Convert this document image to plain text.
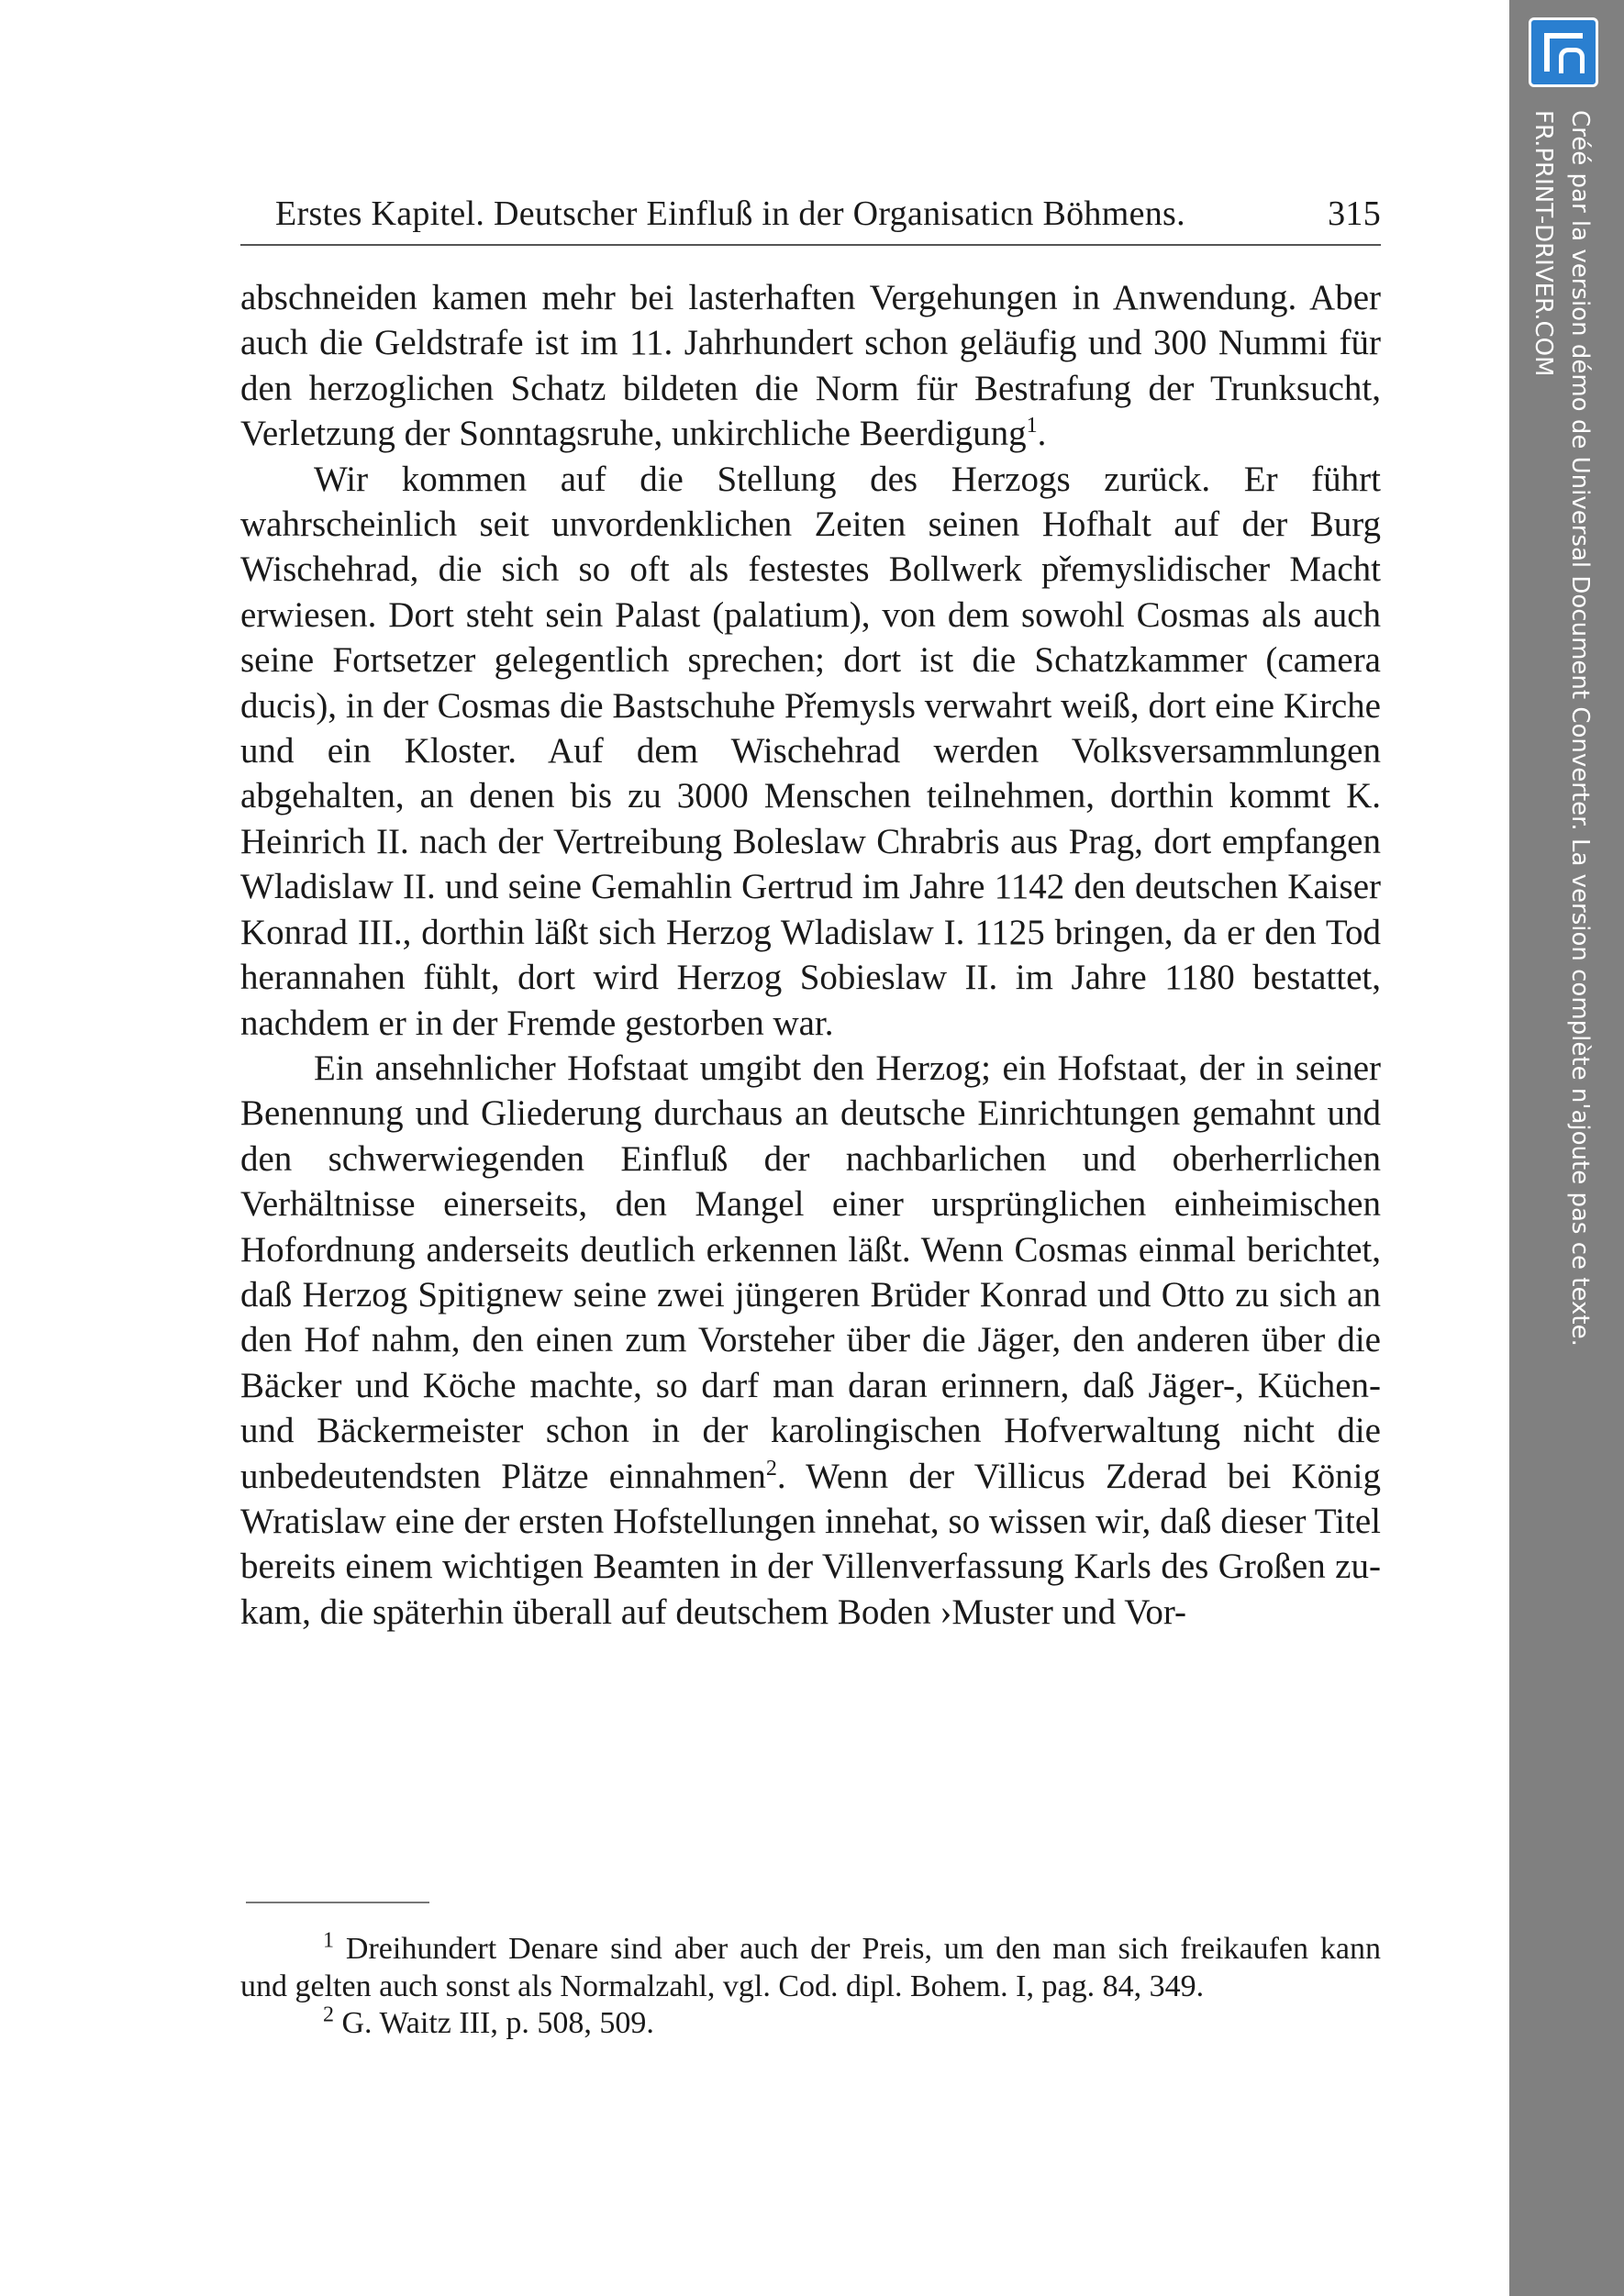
Erstes Kapitel. Deutscher Einfluß in der Organisaticn Böhmens.	315

abschneiden kamen mehr bei lasterhaften Vergehungen in Anwendung. Aber auch die Geldstrafe ist im 11. Jahrhundert schon geläufig und 300 Nummi für den herzoglichen Schatz bildeten die Norm für Bestrafung der Trunksucht, Verletzung der Sonntagsruhe, unkirchliche Beerdigung$^1$.

Wir kommen auf die Stellung des Herzogs zurück. Er führt wahrscheinlich seit unvordenklichen Zeiten seinen Hofhalt auf der Burg Wischehrad, die sich so oft als festestes Bollwerk přemyslidischer Macht erwiesen. Dort steht sein Palast (palatium), von dem sowohl Cosmas als auch seine Fortsetzer gelegentlich sprechen; dort ist die Schatzkammer (camera ducis), in der Cosmas die Bastschuhe Přemysls verwahrt weiß, dort eine Kirche und ein Kloster. Auf dem Wischehrad werden Volksversammlungen abgehalten, an denen bis zu 3000 Menschen teilnehmen, dorthin kommt K. Heinrich II. nach der Vertreibung Boleslaw Chrabris aus Prag, dort empfangen Wladislaw II. und seine Gemahlin Gertrud im Jahre 1142 den deutschen Kaiser Konrad III., dorthin läßt sich Herzog Wladislaw I. 1125 bringen, da er den Tod herannahen fühlt, dort wird Herzog Sobieslaw II. im Jahre 1180 bestattet, nachdem er in der Fremde gestorben war.

Ein ansehnlicher Hofstaat umgibt den Herzog; ein Hofstaat, der in seiner Benennung und Gliederung durchaus an deutsche Einrichtungen gemahnt und den schwerwiegenden Einfluß der nachbarlichen und oberherrlichen Verhältnisse einerseits, den Mangel einer ursprünglichen einheimischen Hofordnung anderseits deutlich erkennen läßt. Wenn Cosmas einmal berichtet, daß Herzog Spitignew seine zwei jüngeren Brüder Konrad und Otto zu sich an den Hof nahm, den einen zum Vorsteher über die Jäger, den anderen über die Bäcker und Köche machte, so darf man daran erinnern, daß Jäger-, Küchen- und Bäckermeister schon in der karolingischen Hofverwaltung nicht die unbedeutendsten Plätze einnahmen$^2$. Wenn der Villicus Zderad bei König Wratislaw eine der ersten Hofstellungen innehat, so wissen wir, daß dieser Titel bereits einem wichtigen Beamten in der Villenverfassung Karls des Großen zukam, die späterhin überall auf deutschem Boden ›Muster und Vor-

$^1$ Dreihundert Denare sind aber auch der Preis, um den man sich freikaufen kann und gelten auch sonst als Normalzahl, vgl. Cod. dipl. Bohem. I, pag. 84, 349.

$^2$ G. Waitz III, p. 508, 509.

Créé par la version démo de Universal Document Converter. La version complète n'ajoute pas ce texte.
FR.PRINT-DRIVER.COM
